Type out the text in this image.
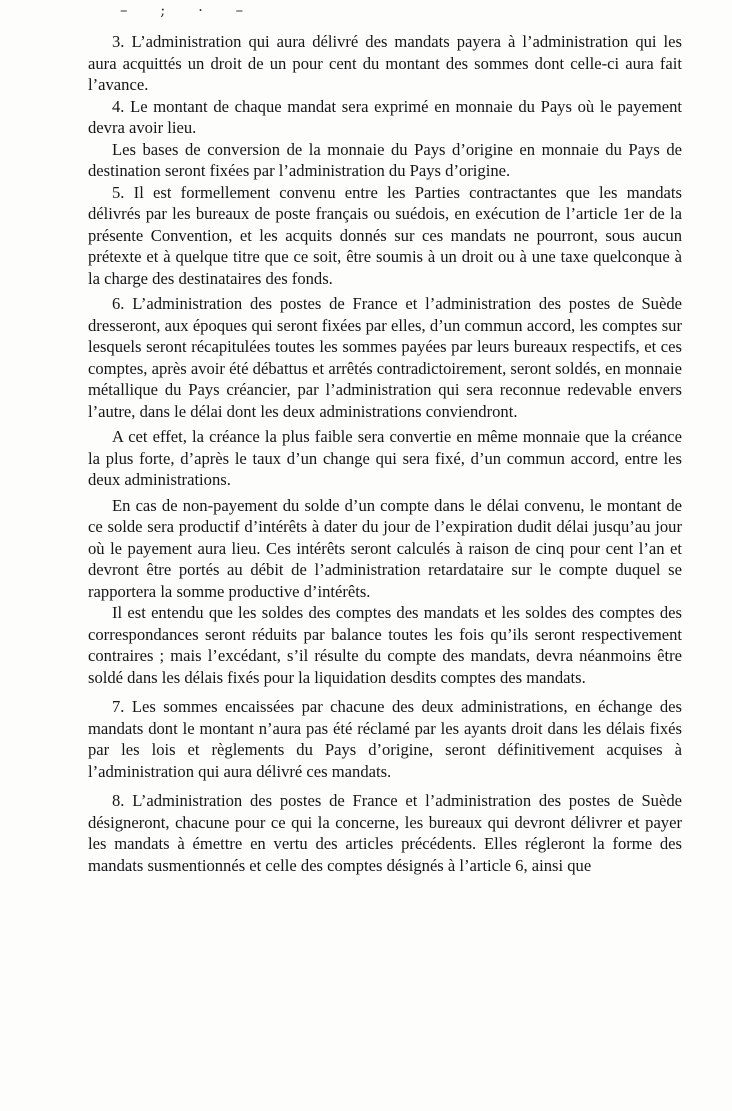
– ; · –

3. L’administration qui aura délivré des mandats payera à l’administration qui les aura acquittés un droit de un pour cent du montant des sommes dont celle-ci aura fait l’avance.

4. Le montant de chaque mandat sera exprimé en monnaie du Pays où le payement devra avoir lieu.

Les bases de conversion de la monnaie du Pays d’origine en monnaie du Pays de destination seront fixées par l’administration du Pays d’origine.

5. Il est formellement convenu entre les Parties contractantes que les mandats délivrés par les bureaux de poste français ou suédois, en exécution de l’article 1er de la présente Convention, et les acquits donnés sur ces mandats ne pourront, sous aucun prétexte et à quelque titre que ce soit, être soumis à un droit ou à une taxe quelconque à la charge des destinataires des fonds.

6. L’administration des postes de France et l’administration des postes de Suède dresseront, aux époques qui seront fixées par elles, d’un commun accord, les comptes sur lesquels seront récapitulées toutes les sommes payées par leurs bureaux respectifs, et ces comptes, après avoir été débattus et arrêtés contradictoirement, seront soldés, en monnaie métallique du Pays créancier, par l’administration qui sera reconnue redevable envers l’autre, dans le délai dont les deux administrations conviendront.

A cet effet, la créance la plus faible sera convertie en même monnaie que la créance la plus forte, d’après le taux d’un change qui sera fixé, d’un commun accord, entre les deux administrations.

En cas de non-payement du solde d’un compte dans le délai convenu, le montant de ce solde sera productif d’intérêts à dater du jour de l’expiration dudit délai jusqu’au jour où le payement aura lieu. Ces intérêts seront calculés à raison de cinq pour cent l’an et devront être portés au débit de l’administration retardataire sur le compte duquel se rapportera la somme productive d’intérêts.

Il est entendu que les soldes des comptes des mandats et les soldes des comptes des correspondances seront réduits par balance toutes les fois qu’ils seront respectivement contraires ; mais l’excédant, s’il résulte du compte des mandats, devra néanmoins être soldé dans les délais fixés pour la liquidation desdits comptes des mandats.

7. Les sommes encaissées par chacune des deux administrations, en échange des mandats dont le montant n’aura pas été réclamé par les ayants droit dans les délais fixés par les lois et règlements du Pays d’origine, seront définitivement acquises à l’administration qui aura délivré ces mandats.

8. L’administration des postes de France et l’administration des postes de Suède désigneront, chacune pour ce qui la concerne, les bureaux qui devront délivrer et payer les mandats à émettre en vertu des articles précédents. Elles régleront la forme des mandats susmentionnés et celle des comptes désignés à l’article 6, ainsi que
